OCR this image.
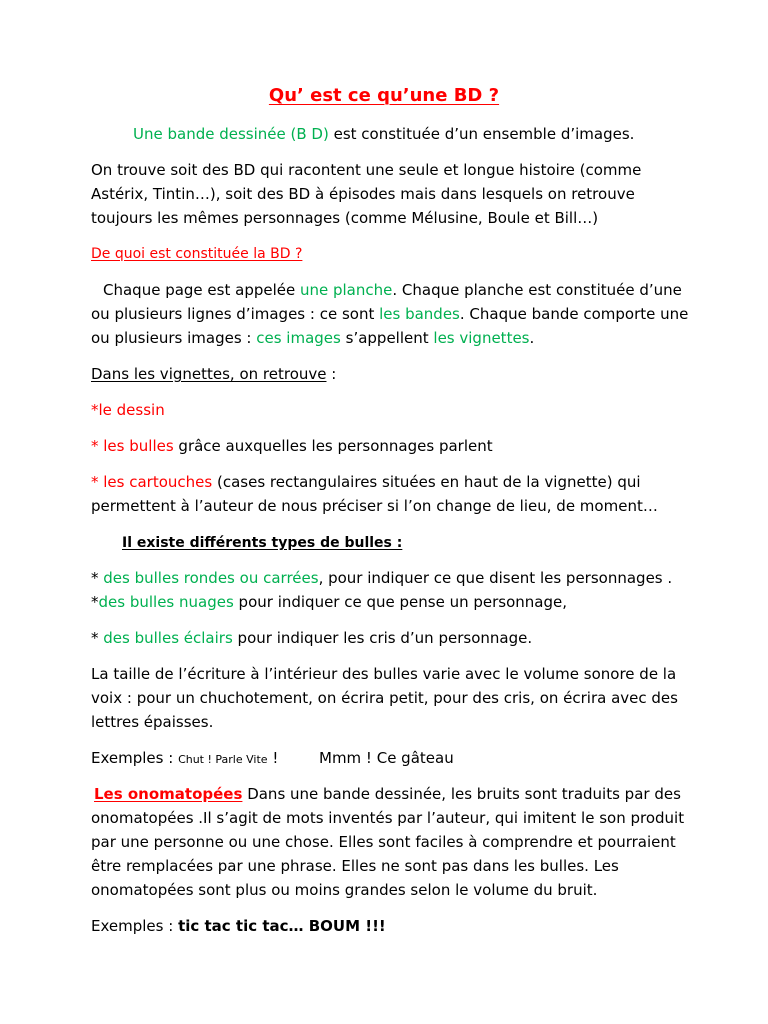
Qu’ est ce qu’une BD ?
Une bande dessinée (B D) est constituée d’un ensemble d’images.
On trouve soit des BD qui racontent une seule et longue histoire (comme
Astérix, Tintin…), soit des BD à épisodes mais dans lesquels on retrouve
toujours les mêmes personnages (comme Mélusine, Boule et Bill…)
De quoi est constituée la BD ?
Chaque page est appelée une planche. Chaque planche est constituée d’une
ou plusieurs lignes d’images : ce sont les bandes. Chaque bande comporte une
ou plusieurs images : ces images s’appellent les vignettes.
Dans les vignettes, on retrouve :
*le dessin
* les bulles grâce auxquelles les personnages parlent
* les cartouches (cases rectangulaires situées en haut de la vignette) qui
permettent à l’auteur de nous préciser si l’on change de lieu, de moment…
Il existe différents types de bulles :
* des bulles rondes ou carrées, pour indiquer ce que disent les personnages .
*des bulles nuages pour indiquer ce que pense un personnage,
* des bulles éclairs pour indiquer les cris d’un personnage.
La taille de l’écriture à l’intérieur des bulles varie avec le volume sonore de la
voix : pour un chuchotement, on écrira petit, pour des cris, on écrira avec des
lettres épaisses.
Exemples : Chut ! Parle Vite !	Mmm ! Ce gâteau
Les onomatopées Dans une bande dessinée, les bruits sont traduits par des
onomatopées .Il s’agit de mots inventés par l’auteur, qui imitent le son produit
par une personne ou une chose. Elles sont faciles à comprendre et pourraient
être remplacées par une phrase. Elles ne sont pas dans les bulles. Les
onomatopées sont plus ou moins grandes selon le volume du bruit.
Exemples : tic tac tic tac… BOUM !!!
